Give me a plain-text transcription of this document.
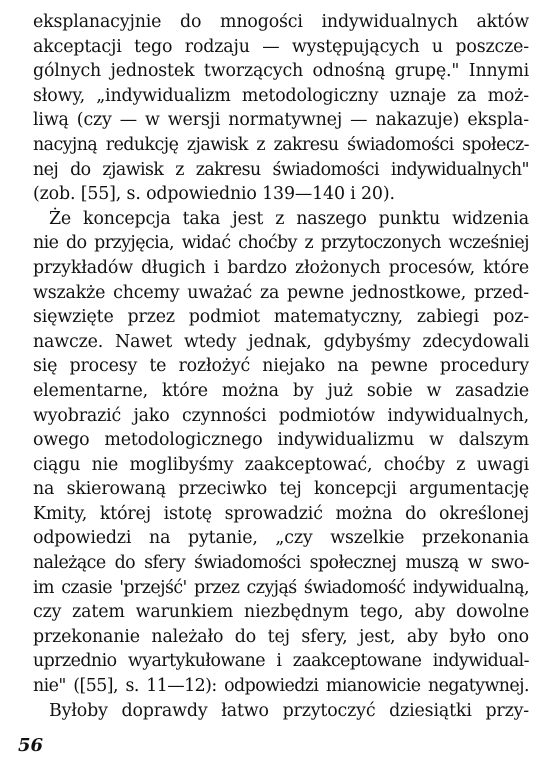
eksplanacyjnie do mnogości indywidualnych aktów
akceptacji tego rodzaju — występujących u poszcze-
gólnych jednostek tworzących odnośną grupę." Innymi
słowy, „indywidualizm metodologiczny uznaje za moż-
liwą (czy — w wersji normatywnej — nakazuje) ekspla-
nacyjną redukcję zjawisk z zakresu świadomości społecz-
nej do zjawisk z zakresu świadomości indywidualnych"
(zob. [55], s. odpowiednio 139—140 i 20).
Że koncepcja taka jest z naszego punktu widzenia
nie do przyjęcia, widać choćby z przytoczonych wcześniej
przykładów długich i bardzo złożonych procesów, które
wszakże chcemy uważać za pewne jednostkowe, przed-
sięwzięte przez podmiot matematyczny, zabiegi poz-
nawcze. Nawet wtedy jednak, gdybyśmy zdecydowali
się procesy te rozłożyć niejako na pewne procedury
elementarne, które można by już sobie w zasadzie
wyobrazić jako czynności podmiotów indywidualnych,
owego metodologicznego indywidualizmu w dalszym
ciągu nie moglibyśmy zaakceptować, choćby z uwagi
na skierowaną przeciwko tej koncepcji argumentację
Kmity, której istotę sprowadzić można do określonej
odpowiedzi na pytanie, „czy wszelkie przekonania
należące do sfery świadomości społecznej muszą w swo-
im czasie 'przejść' przez czyjąś świadomość indywidualną,
czy zatem warunkiem niezbędnym tego, aby dowolne
przekonanie należało do tej sfery, jest, aby było ono
uprzednio wyartykułowane i zaakceptowane indywidual-
nie" ([55], s. 11—12): odpowiedzi mianowicie negatywnej.
Byłoby doprawdy łatwo przytoczyć dziesiątki przy-
56
